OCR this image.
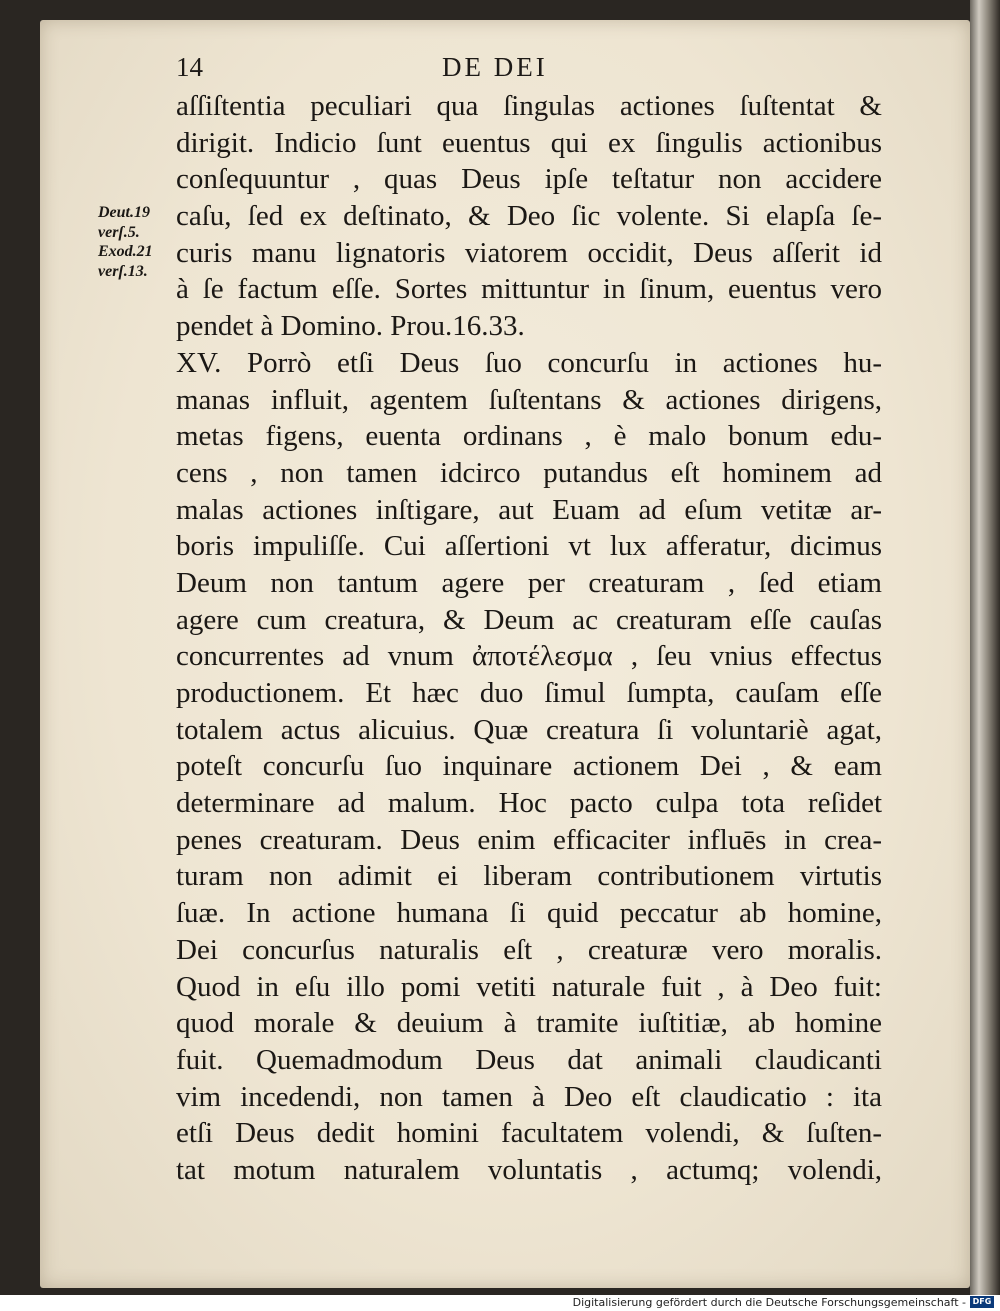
14	DE DEI
Deut.19
verſ.5.
Exod.21
verſ.13.
aſſiſtentia peculiari qua ſingulas actiones ſuſtentat &
dirigit. Indicio ſunt euentus qui ex ſingulis actionibus
conſequuntur , quas Deus ipſe teſtatur non accidere
caſu, ſed ex deſtinato, & Deo ſic volente. Si elapſa ſe-
curis manu lignatoris viatorem occidit, Deus aſſerit id
à ſe factum eſſe. Sortes mittuntur in ſinum, euentus vero
pendet à Domino. Prou.16.33.
XV. Porrò etſi Deus ſuo concurſu in actiones hu-
manas influit, agentem ſuſtentans & actiones dirigens,
metas figens, euenta ordinans , è malo bonum edu-
cens , non tamen idcirco putandus eſt hominem ad
malas actiones inſtigare, aut Euam ad eſum vetitæ ar-
boris impuliſſe. Cui aſſertioni vt lux afferatur, dicimus
Deum non tantum agere per creaturam , ſed etiam
agere cum creatura, & Deum ac creaturam eſſe cauſas
concurrentes ad vnum ἀποτέλεσμα , ſeu vnius effectus
productionem. Et hæc duo ſimul ſumpta, cauſam eſſe
totalem actus alicuius. Quæ creatura ſi voluntariè agat,
poteſt concurſu ſuo inquinare actionem Dei , & eam
determinare ad malum. Hoc pacto culpa tota reſidet
penes creaturam. Deus enim efficaciter influēs in crea-
turam non adimit ei liberam contributionem virtutis
ſuæ. In actione humana ſi quid peccatur ab homine,
Dei concurſus naturalis eſt , creaturæ vero moralis.
Quod in eſu illo pomi vetiti naturale fuit , à Deo fuit:
quod morale & deuium à tramite iuſtitiæ, ab homine
fuit. Quemadmodum Deus dat animali claudicanti
vim incedendi, non tamen à Deo eſt claudicatio : ita
etſi Deus dedit homini facultatem volendi, & ſuſten-
tat motum naturalem voluntatis , actumq; volendi,
Digitalisierung gefördert durch die Deutsche Forschungsgemeinschaft - DFG
